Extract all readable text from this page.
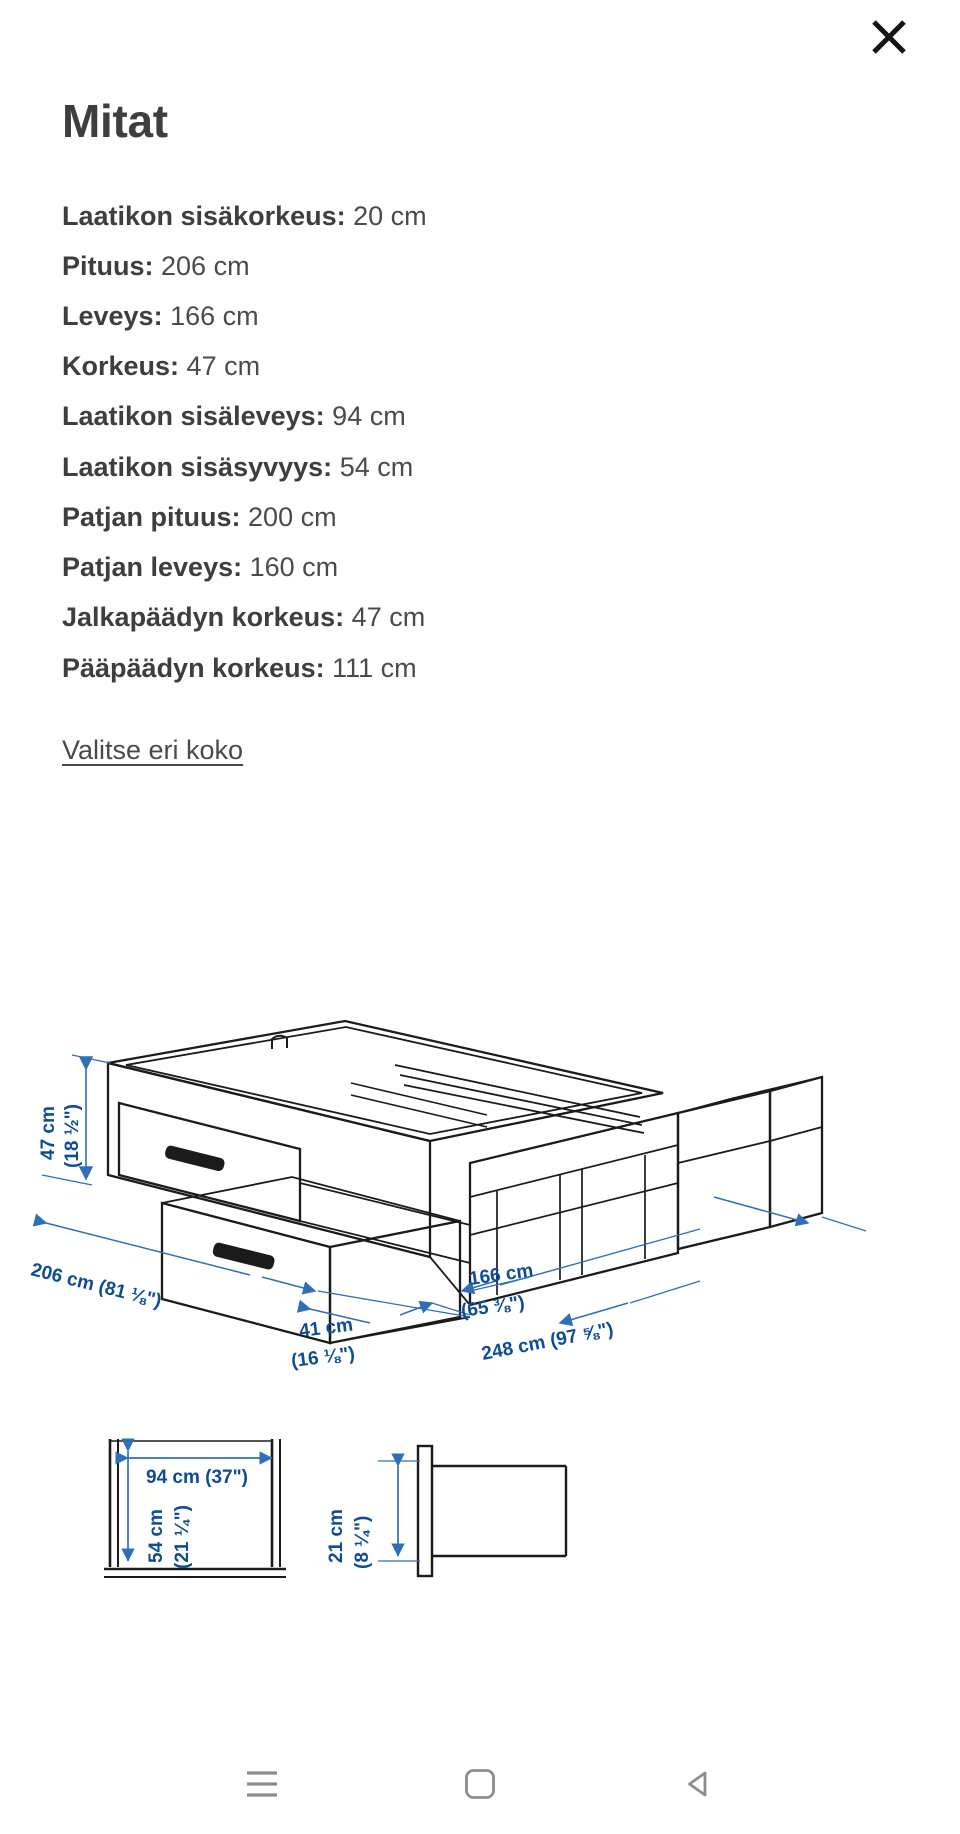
Mitat
Laatikon sisäkorkeus: 20 cm
Pituus: 206 cm
Leveys: 166 cm
Korkeus: 47 cm
Laatikon sisäleveys: 94 cm
Laatikon sisäsyvyys: 54 cm
Patjan pituus: 200 cm
Patjan leveys: 160 cm
Jalkapäädyn korkeus: 47 cm
Pääpäädyn korkeus: 111 cm
Valitse eri koko
47 cm (18 ½")
206 cm (81 ⅛")
41 cm
(16 ⅛")
166 cm
(65 ⅜")
248 cm (97 ⅝")
94 cm (37")
54 cm (21 ¼")	21 cm (8 ¼")
